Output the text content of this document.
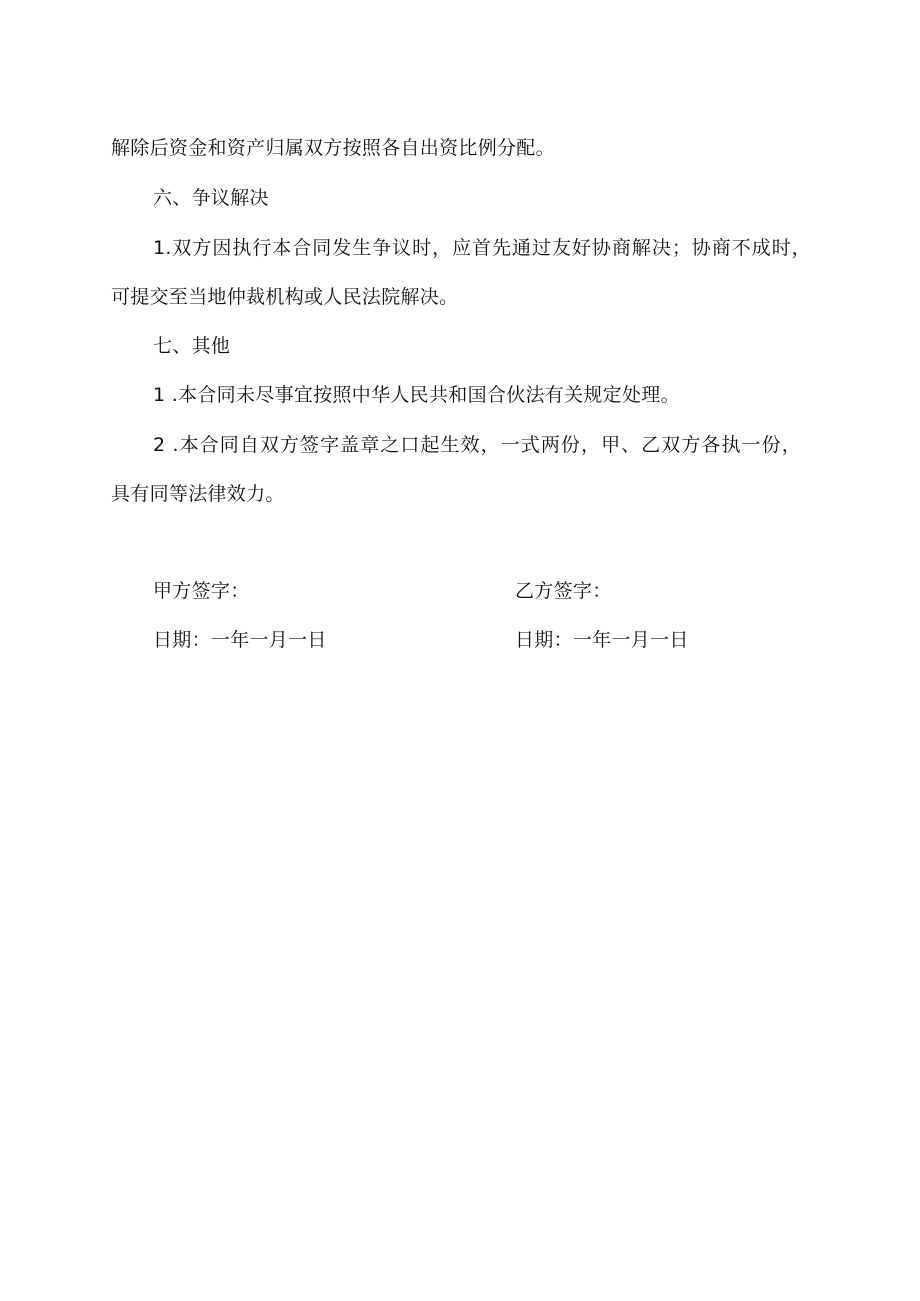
解除后资金和资产归属双方按照各自出资比例分配。
六、争议解决
1.双方因执行本合同发生争议时，应首先通过友好协商解决；协商不成时，
可提交至当地仲裁机构或人民法院解决。
七、其他
1 .本合同未尽事宜按照中华人民共和国合伙法有关规定处理。
2 .本合同自双方签字盖章之口起生效，一式两份，甲、乙双方各执一份，
具有同等法律效力。
甲方签字：
日期：一年一月一日
乙方签字：
日期：一年一月一日
